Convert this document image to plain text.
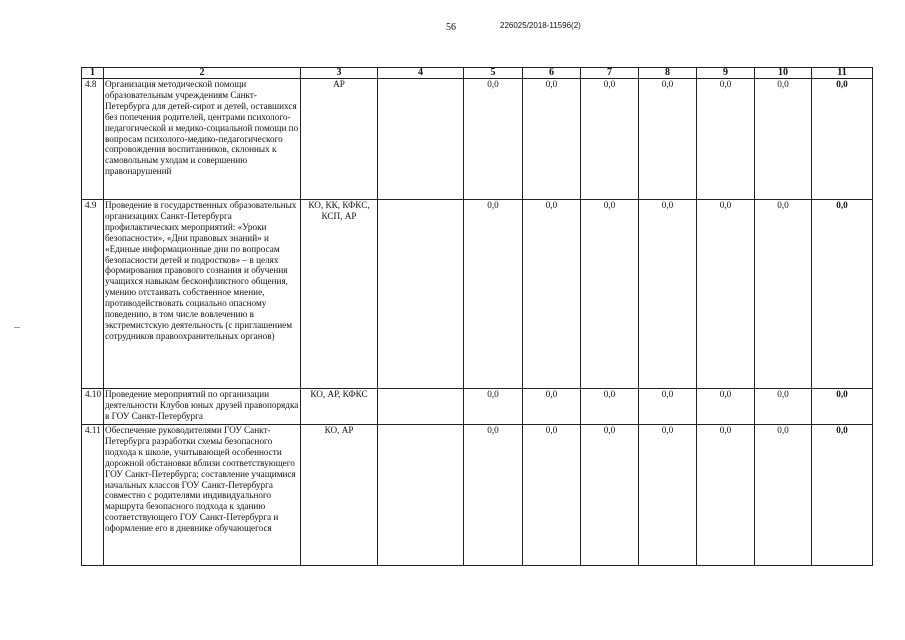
56	226025/2018-11596(2)
1	2	3	4	5	6	7	8	9	10	11
4.8	Организация методической помощи образовательным учреждениям Санкт-Петербурга для детей-сирот и детей, оставшихся без попечения родителей, центрами психолого-педагогической и медико-социальной помощи по вопросам психолого-медико-педагогического сопровождения воспитанников, склонных к самовольным уходам и совершению правонарушений	АР		0,0	0,0	0,0	0,0	0,0	0,0	0,0
4.9	Проведение в государственных образовательных организациях Санкт-Петербурга профилактических мероприятий: «Уроки безопасности», «Дни правовых знаний» и «Единые информационные дни по вопросам безопасности детей и подростков» – в целях формирования правового сознания и обучения учащихся навыкам бесконфликтного общения, умению отстаивать собственное мнение, противодействовать социально опасному поведению, в том числе вовлечению в экстремистскую деятельность (с приглашением сотрудников правоохранительных органов)	КО, КК, КФКС, КСП, АР		0,0	0,0	0,0	0,0	0,0	0,0	0,0
4.10	Проведение мероприятий по организации деятельности Клубов юных друзей правопорядка в ГОУ Санкт-Петербурга	КО, АР, КФКС		0,0	0,0	0,0	0,0	0,0	0,0	0,0
4.11	Обеспечение руководителями ГОУ Санкт-Петербурга разработки схемы безопасного подхода к школе, учитывающей особенности дорожной обстановки вблизи соответствующего ГОУ Санкт-Петербурга; составление учащимися начальных классов ГОУ Санкт-Петербурга совместно с родителями индивидуального маршрута безопасного подхода к зданию соответствующего ГОУ Санкт-Петербурга и оформление его в дневнике обучающегося	КО, АР		0,0	0,0	0,0	0,0	0,0	0,0	0,0
